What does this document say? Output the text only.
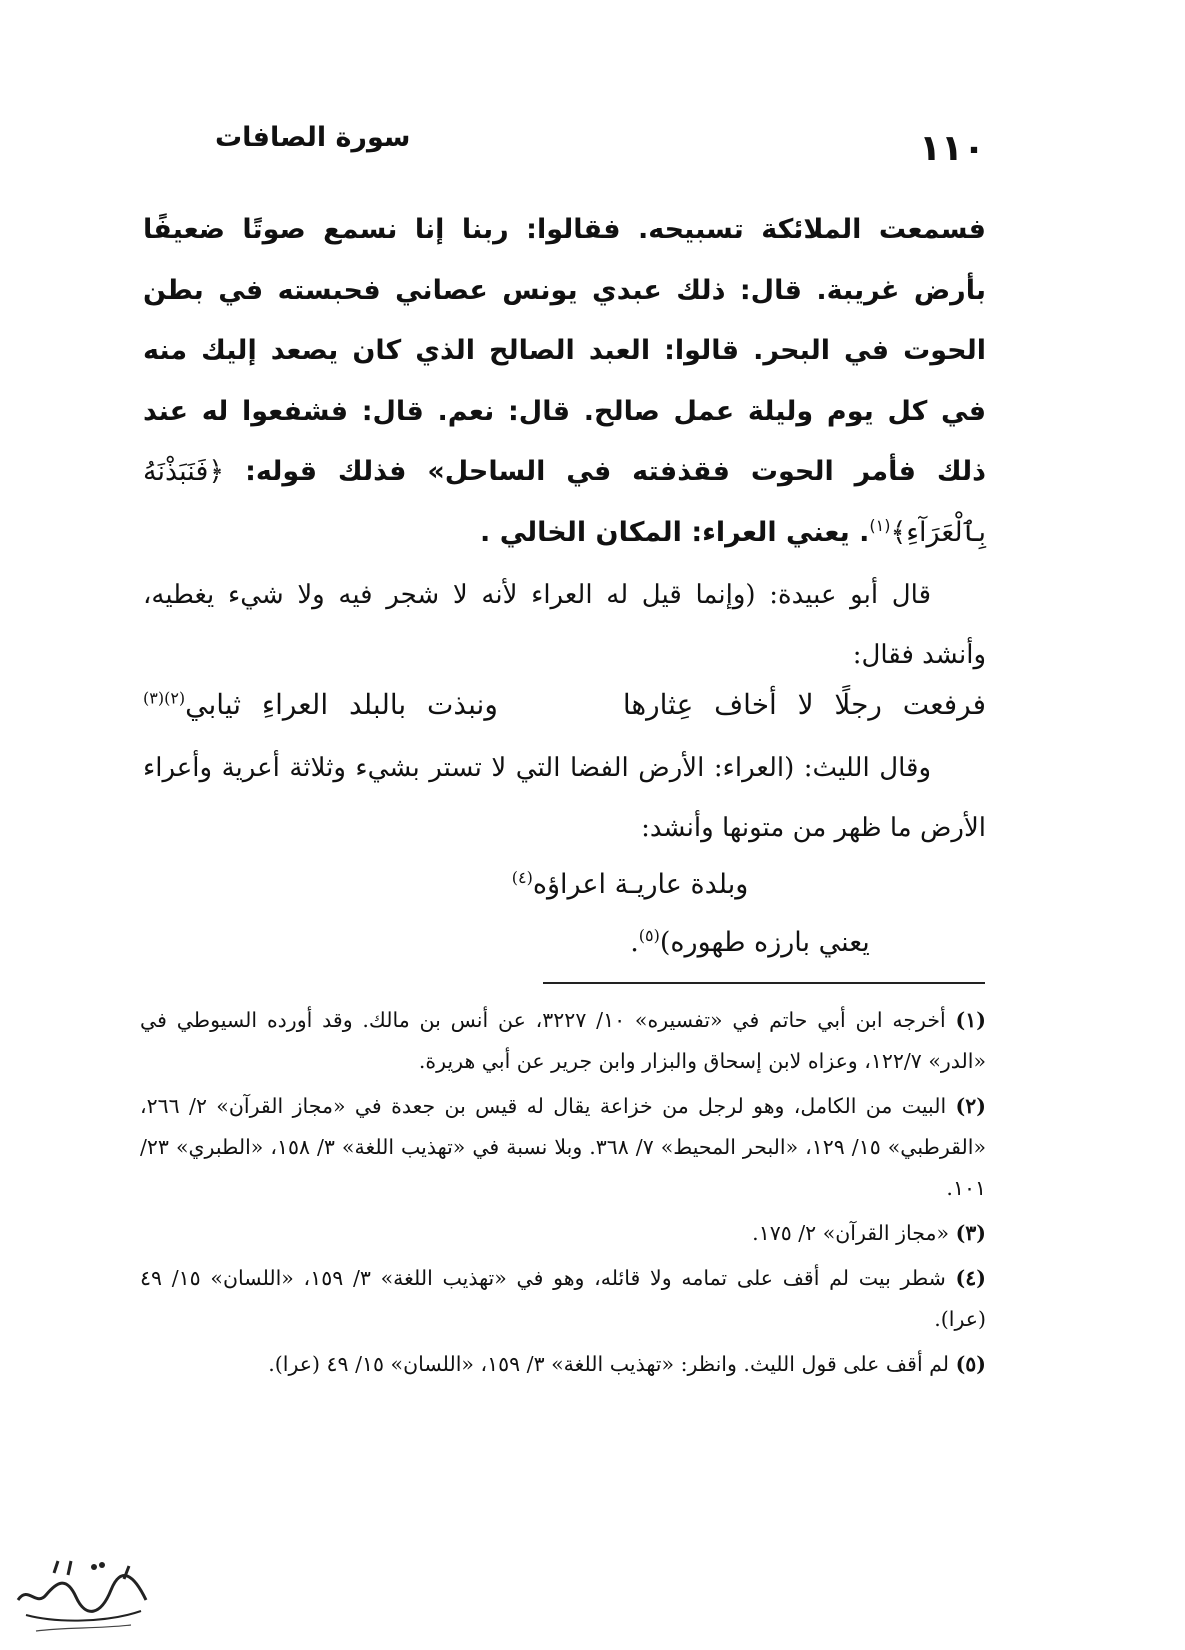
١١٠
سورة الصافات

فسمعت الملائكة تسبيحه. فقالوا: ربنا إنا نسمع صوتًا ضعيفًا بأرض غريبة. قال: ذلك عبدي يونس عصاني فحبسته في بطن الحوت في البحر. قالوا: العبد الصالح الذي كان يصعد إليك منه في كل يوم وليلة عمل صالح. قال: نعم. قال: فشفعوا له عند ذلك فأمر الحوت فقذفته في الساحل» فذلك قوله: ﴿فَنَبَذْنَهُ بِٱلْعَرَآءِ﴾$^{(١)}$. يعني العراء: المكان الخالي .

قال أبو عبيدة: (وإنما قيل له العراء لأنه لا شجر فيه ولا شيء يغطيه، وأنشد فقال:

فرفعت رجلًا لا أخاف عِثارها      ونبذت بالبلد العراءِ ثيابي$^{(٢)(٣)}$

وقال الليث: (العراء: الأرض الفضا التي لا تستر بشيء وثلاثة أعرية وأعراء الأرض ما ظهر من متونها وأنشد:

وبلدة عاريـة اعراؤه$^{(٤)}$

يعني بارزه طهوره)$^{(٥)}$.

(١) أخرجه ابن أبي حاتم في «تفسيره» ١٠/ ٣٢٢٧، عن أنس بن مالك. وقد أورده السيوطي في «الدر» ١٢٢/٧، وعزاه لابن إسحاق والبزار وابن جرير عن أبي هريرة.
(٢) البيت من الكامل، وهو لرجل من خزاعة يقال له قيس بن جعدة في «مجاز القرآن» ٢/ ٢٦٦، «القرطبي» ١٥/ ١٢٩، «البحر المحيط» ٧/ ٣٦٨. وبلا نسبة في «تهذيب اللغة» ٣/ ١٥٨، «الطبري» ٢٣/ ١٠١.
(٣) «مجاز القرآن» ٢/ ١٧٥.
(٤) شطر بيت لم أقف على تمامه ولا قائله، وهو في «تهذيب اللغة» ٣/ ١٥٩، «اللسان» ١٥/ ٤٩ (عرا).
(٥) لم أقف على قول الليث. وانظر: «تهذيب اللغة» ٣/ ١٥٩، «اللسان» ١٥/ ٤٩ (عرا).
